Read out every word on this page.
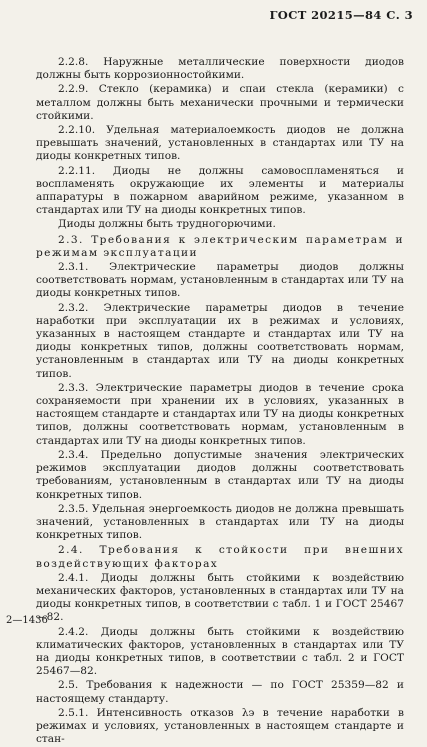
ГОСТ 20215—84 С. 3

2.2.8. Наружные металлические поверхности диодов должны быть коррозионностойкими.

2.2.9. Стекло (керамика) и спаи стекла (керамики) с металлом должны быть механически прочными и термически стойкими.

2.2.10. Удельная материалоемкость диодов не должна превышать значений, установленных в стандартах или ТУ на диоды конкретных типов.

2.2.11. Диоды не должны самовоспламеняться и воспламенять окружающие их элементы и материалы аппаратуры в пожарном аварийном режиме, указанном в стандартах или ТУ на диоды конкретных типов.

Диоды должны быть трудногорючими.

2.3. Требования к электрическим параметрам и режимам эксплуатации

2.3.1. Электрические параметры диодов должны соответствовать нормам, установленным в стандартах или ТУ на диоды конкретных типов.

2.3.2. Электрические параметры диодов в течение наработки при эксплуатации их в режимах и условиях, указанных в настоящем стандарте и стандартах или ТУ на диоды конкретных типов, должны соответствовать нормам, установленным в стандартах или ТУ на диоды конкретных типов.

2.3.3. Электрические параметры диодов в течение срока сохраняемости при хранении их в условиях, указанных в настоящем стандарте и стандартах или ТУ на диоды конкретных типов, должны соответствовать нормам, установленным в стандартах или ТУ на диоды конкретных типов.

2.3.4. Предельно допустимые значения электрических режимов эксплуатации диодов должны соответствовать требованиям, установленным в стандартах или ТУ на диоды конкретных типов.

2.3.5. Удельная энергоемкость диодов не должна превышать значений, установленных в стандартах или ТУ на диоды конкретных типов.

2.4. Требования к стойкости при внешних воздействующих факторах

2.4.1. Диоды должны быть стойкими к воздействию механических факторов, установленных в стандартах или ТУ на диоды конкретных типов, в соответствии с табл. 1 и ГОСТ 25467—82.

2.4.2. Диоды должны быть стойкими к воздействию климатических факторов, установленных в стандартах или ТУ на диоды конкретных типов, в соответствии с табл. 2 и ГОСТ 25467—82.

2.5. Требования к надежности — по ГОСТ 25359—82 и настоящему стандарту.

2.5.1. Интенсивность отказов λэ в течение наработки в режимах и условиях, установленных в настоящем стандарте и стан-

2—1436
